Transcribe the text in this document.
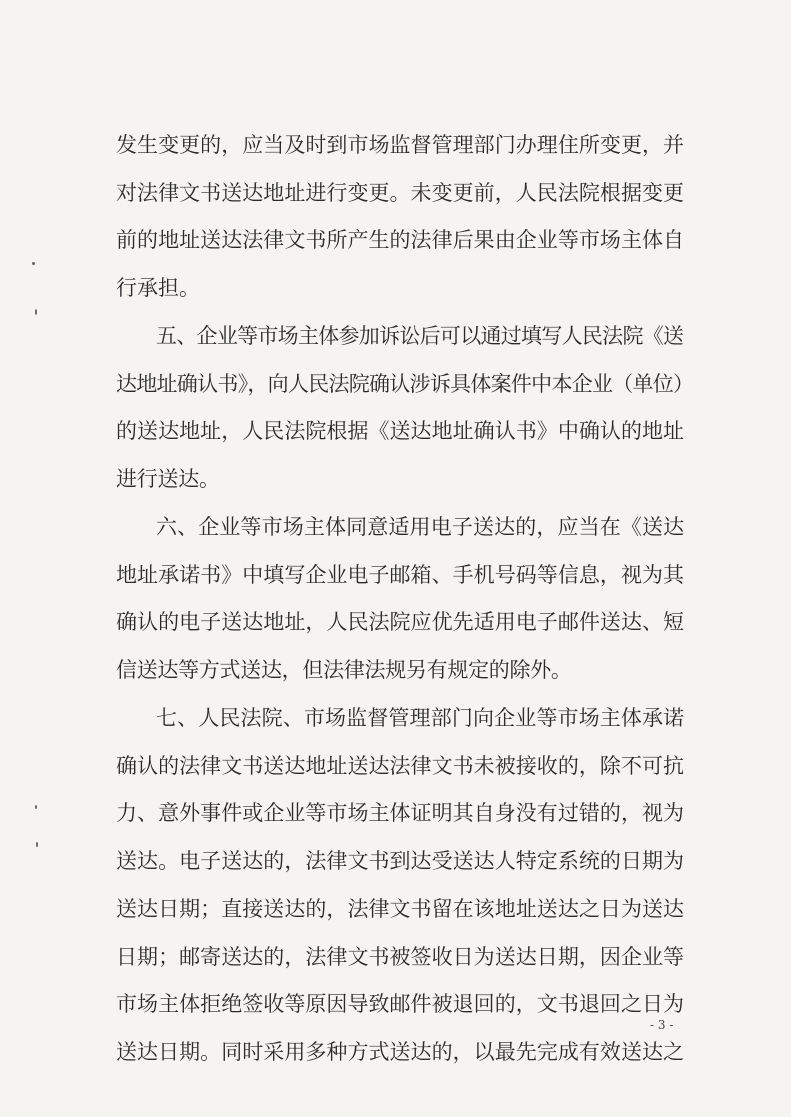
发生变更的，应当及时到市场监督管理部门办理住所变更，并
对法律文书送达地址进行变更。未变更前，人民法院根据变更
前的地址送达法律文书所产生的法律后果由企业等市场主体自
行承担。
五、企业等市场主体参加诉讼后可以通过填写人民法院《送
达地址确认书》，向人民法院确认涉诉具体案件中本企业（单位）
的送达地址，人民法院根据《送达地址确认书》中确认的地址
进行送达。
六、企业等市场主体同意适用电子送达的，应当在《送达
地址承诺书》中填写企业电子邮箱、手机号码等信息，视为其
确认的电子送达地址，人民法院应优先适用电子邮件送达、短
信送达等方式送达，但法律法规另有规定的除外。
七、人民法院、市场监督管理部门向企业等市场主体承诺
确认的法律文书送达地址送达法律文书未被接收的，除不可抗
力、意外事件或企业等市场主体证明其自身没有过错的，视为
送达。电子送达的，法律文书到达受送达人特定系统的日期为
送达日期；直接送达的，法律文书留在该地址送达之日为送达
日期；邮寄送达的，法律文书被签收日为送达日期，因企业等
市场主体拒绝签收等原因导致邮件被退回的，文书退回之日为
送达日期。同时采用多种方式送达的，以最先完成有效送达之
- 3 -
